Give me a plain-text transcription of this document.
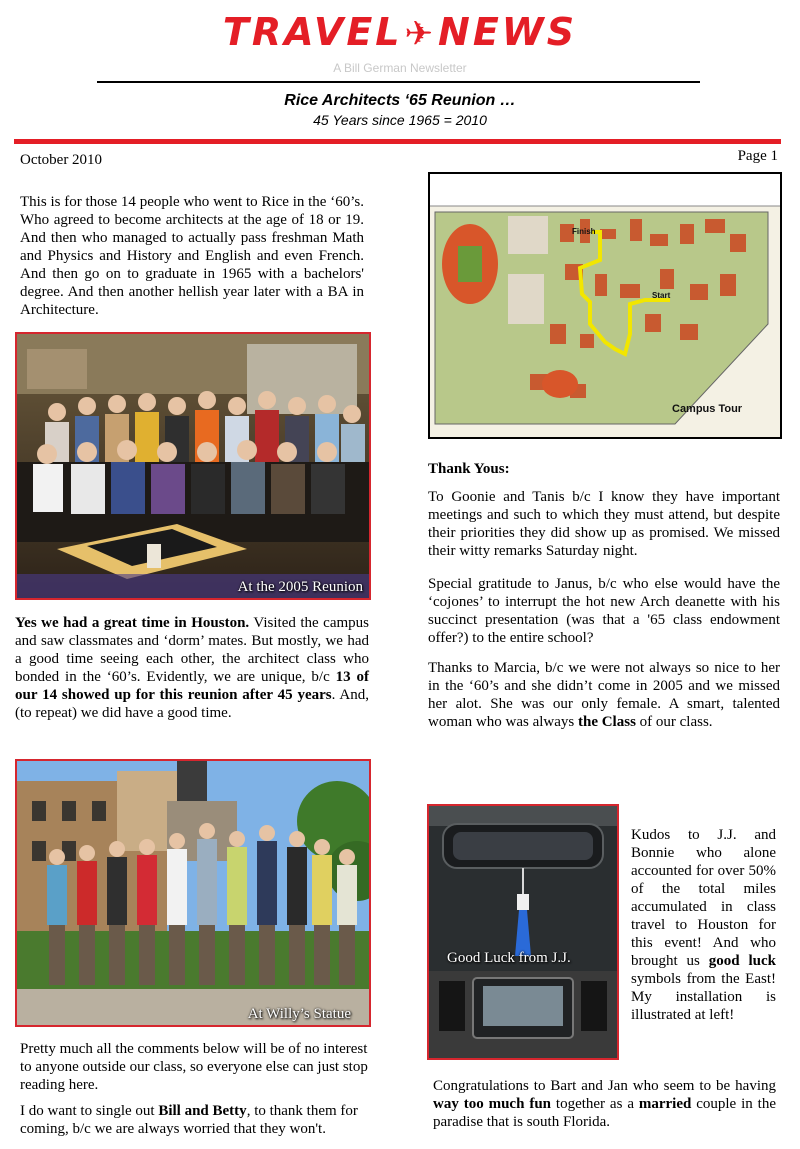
TRAVEL✈NEWS
A Bill German Newsletter
Rice Architects ‘65 Reunion …
45 Years since 1965 = 2010
October 2010	Page 1

This is for those 14 people who went to Rice in the ‘60’s. Who agreed to become architects at the age of 18 or 19. And then who managed to actually pass freshman Math and Physics and History and English and even French. And then go on to graduate in 1965 with a bachelors' degree. And then another hellish year later with a BA in Architecture.

At the 2005 Reunion

Yes we had a great time in Houston. Visited the campus and saw classmates and ‘dorm’ mates. But mostly, we had a good time seeing each other, the architect class who bonded in the ‘60’s. Evidently, we are unique, b/c 13 of our 14 showed up for this reunion after 45 years. And, (to repeat) we did have a good time.

At Willy’s Statue

Pretty much all the comments below will be of no interest to anyone outside our class, so everyone else can just stop reading here.

I do want to single out Bill and Betty, to thank them for coming, b/c we are always worried that they won't.

Finish
Start
Campus Tour
Thank Yous:

To Goonie and Tanis b/c I know they have important meetings and such to which they must attend, but despite their priorities they did show up as promised. We missed their witty remarks Saturday night.

Special gratitude to Janus, b/c who else would have the ‘cojones’ to interrupt the hot new Arch deanette with his succinct presentation (was that a '65 class endowment offer?) to the entire school?

Thanks to Marcia, b/c we were not always so nice to her in the ‘60’s and she didn’t come in 2005 and we missed her alot. She was our only female. A smart, talented woman who was always the Class of our class.

Good Luck from J.J.

Kudos to J.J. and Bonnie who alone accounted for over 50% of the total miles accumulated in class travel to Houston for this event! And who brought us good luck symbols from the East! My installation is illustrated at left!

Congratulations to Bart and Jan who seem to be having way too much fun together as a married couple in the paradise that is south Florida.
